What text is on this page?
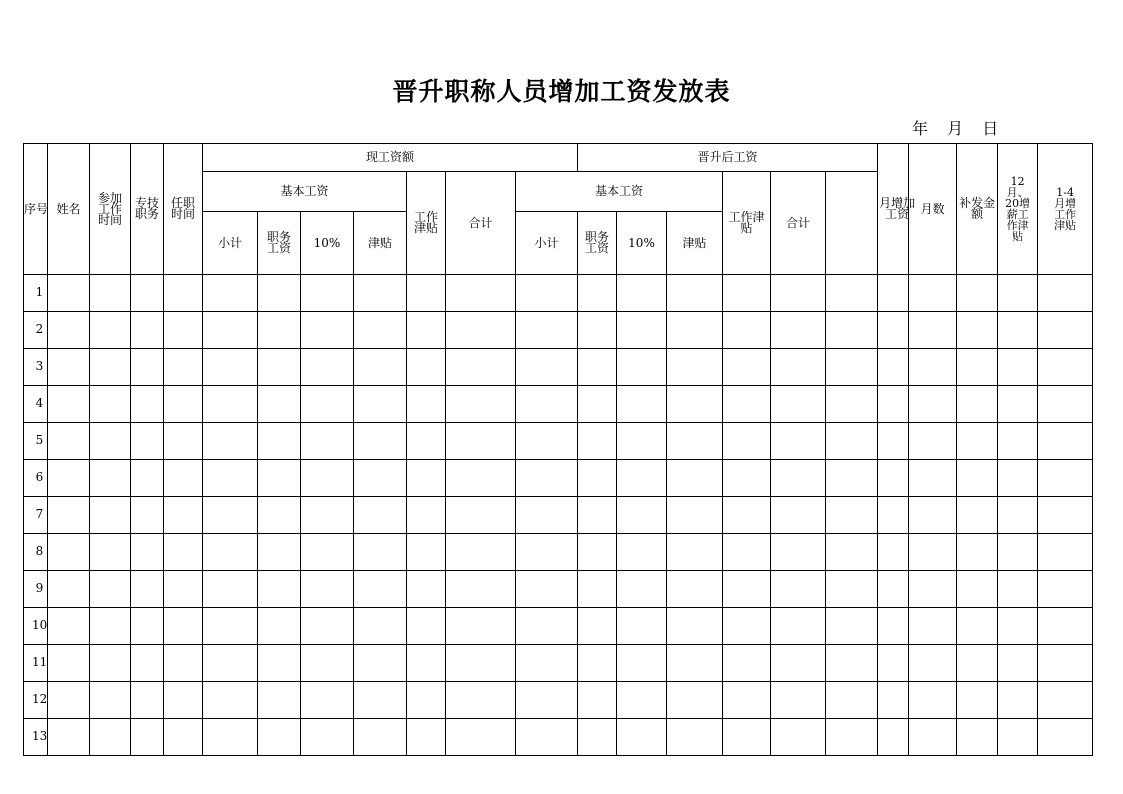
晋升职称人员增加工资发放表
年 月 日
序号	姓名	参加工作时间	专技职务	任职时间	现工资额							晋升后工资						月增加工资	月数	补发金额	12月、20增薪工作津贴	1-4月增工作津贴	
					基本工资				工作津贴	合计	基本工资				工作津贴	合计							
					小计	职务工资	10%	津贴			小计	职务工资	10%	津贴									
1																							
2																							
3																							
4																							
5																							
6																							
7																							
8																							
9																							
10																							
11																							
12																							
13																							
